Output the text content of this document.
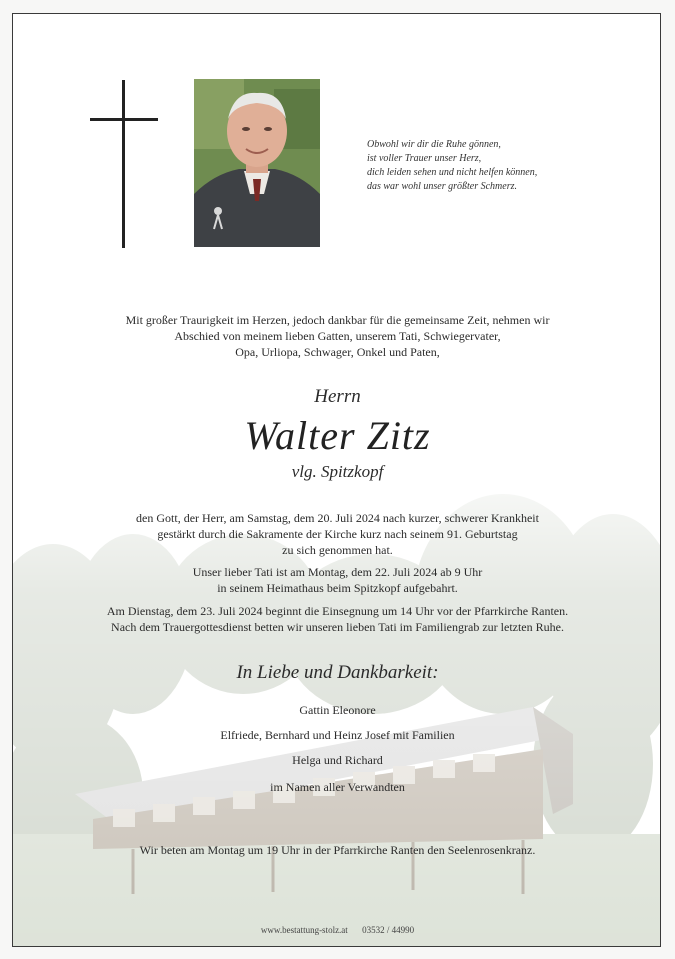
Obwohl wir dir die Ruhe gönnen,
ist voller Trauer unser Herz,
dich leiden sehen und nicht helfen können,
das war wohl unser größter Schmerz.
Mit großer Traurigkeit im Herzen, jedoch dankbar für die gemeinsame Zeit, nehmen wir
Abschied von meinem lieben Gatten, unserem Tati, Schwiegervater,
Opa, Urliopa, Schwager, Onkel und Paten,
Herrn
Walter Zitz
vlg. Spitzkopf
den Gott, der Herr, am Samstag, dem 20. Juli 2024 nach kurzer, schwerer Krankheit
gestärkt durch die Sakramente der Kirche kurz nach seinem 91. Geburtstag
zu sich genommen hat.
Unser lieber Tati ist am Montag, dem 22. Juli 2024 ab 9 Uhr
in seinem Heimathaus beim Spitzkopf aufgebahrt.
Am Dienstag, dem 23. Juli 2024 beginnt die Einsegnung um 14 Uhr vor der Pfarrkirche Ranten.
Nach dem Trauergottesdienst betten wir unseren lieben Tati im Familiengrab zur letzten Ruhe.
In Liebe und Dankbarkeit:
Gattin Eleonore
Elfriede, Bernhard und Heinz Josef mit Familien
Helga und Richard
im Namen aller Verwandten
Wir beten am Montag um 19 Uhr in der Pfarrkirche Ranten den Seelenrosenkranz.
www.bestattung-stolz.at 03532 / 44990
